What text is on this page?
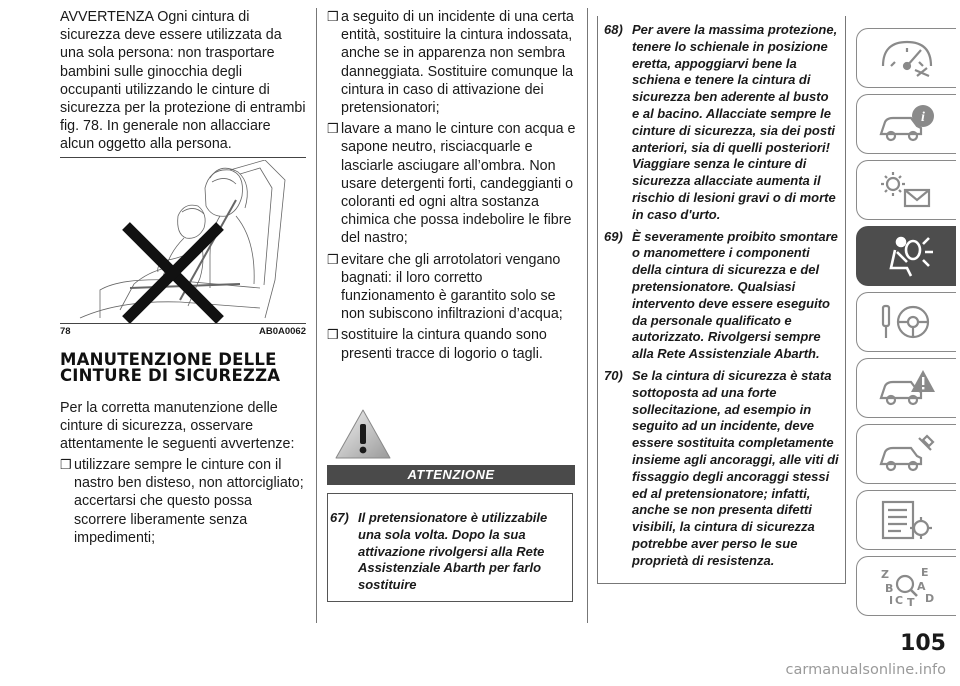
AVVERTENZA Ogni cintura di sicurezza deve essere utilizzata da una sola persona: non trasportare bambini sulle ginocchia degli occupanti utilizzando le cinture di sicurezza per la protezione di entrambi fig. 78. In generale non allacciare alcun oggetto alla persona.
78	AB0A0062
MANUTENZIONE DELLE
CINTURE DI SICUREZZA
Per la corretta manutenzione delle cinture di sicurezza, osservare attentamente le seguenti avvertenze:
❒ utilizzare sempre le cinture con il nastro ben disteso, non attorcigliato; accertarsi che questo possa scorrere liberamente senza impedimenti;
❒ a seguito di un incidente di una certa entità, sostituire la cintura indossata, anche se in apparenza non sembra danneggiata. Sostituire comunque la cintura in caso di attivazione dei pretensionatori;
❒ lavare a mano le cinture con acqua e sapone neutro, risciacquarle e lasciarle asciugare all’ombra. Non usare detergenti forti, candeggianti o coloranti ed ogni altra sostanza chimica che possa indebolire le fibre del nastro;
❒ evitare che gli arrotolatori vengano bagnati: il loro corretto funzionamento è garantito solo se non subiscono infiltrazioni d’acqua;
❒ sostituire la cintura quando sono presenti tracce di logorio o tagli.
ATTENZIONE
67) Il pretensionatore è utilizzabile una sola volta. Dopo la sua attivazione rivolgersi alla Rete Assistenziale Abarth per farlo sostituire
68) Per avere la massima protezione, tenere lo schienale in posizione eretta, appoggiarvi bene la schiena e tenere la cintura di sicurezza ben aderente al busto e al bacino. Allacciate sempre le cinture di sicurezza, sia dei posti anteriori, sia di quelli posteriori! Viaggiare senza le cinture di sicurezza allacciate aumenta il rischio di lesioni gravi o di morte in caso d'urto.
69) È severamente proibito smontare o manomettere i componenti della cintura di sicurezza e del pretensionatore. Qualsiasi intervento deve essere eseguito da personale qualificato e autorizzato. Rivolgersi sempre alla Rete Assistenziale Abarth.
70) Se la cintura di sicurezza è stata sottoposta ad una forte sollecitazione, ad esempio in seguito ad un incidente, deve essere sostituita completamente insieme agli ancoraggi, alle viti di fissaggio degli ancoraggi stessi ed al pretensionatore; infatti, anche se non presenta difetti visibili, la cintura di sicurezza potrebbe aver perso le sue proprietà di resistenza.
i
Z	E
A
B
C T D
I
105
carmanualsonline.info
